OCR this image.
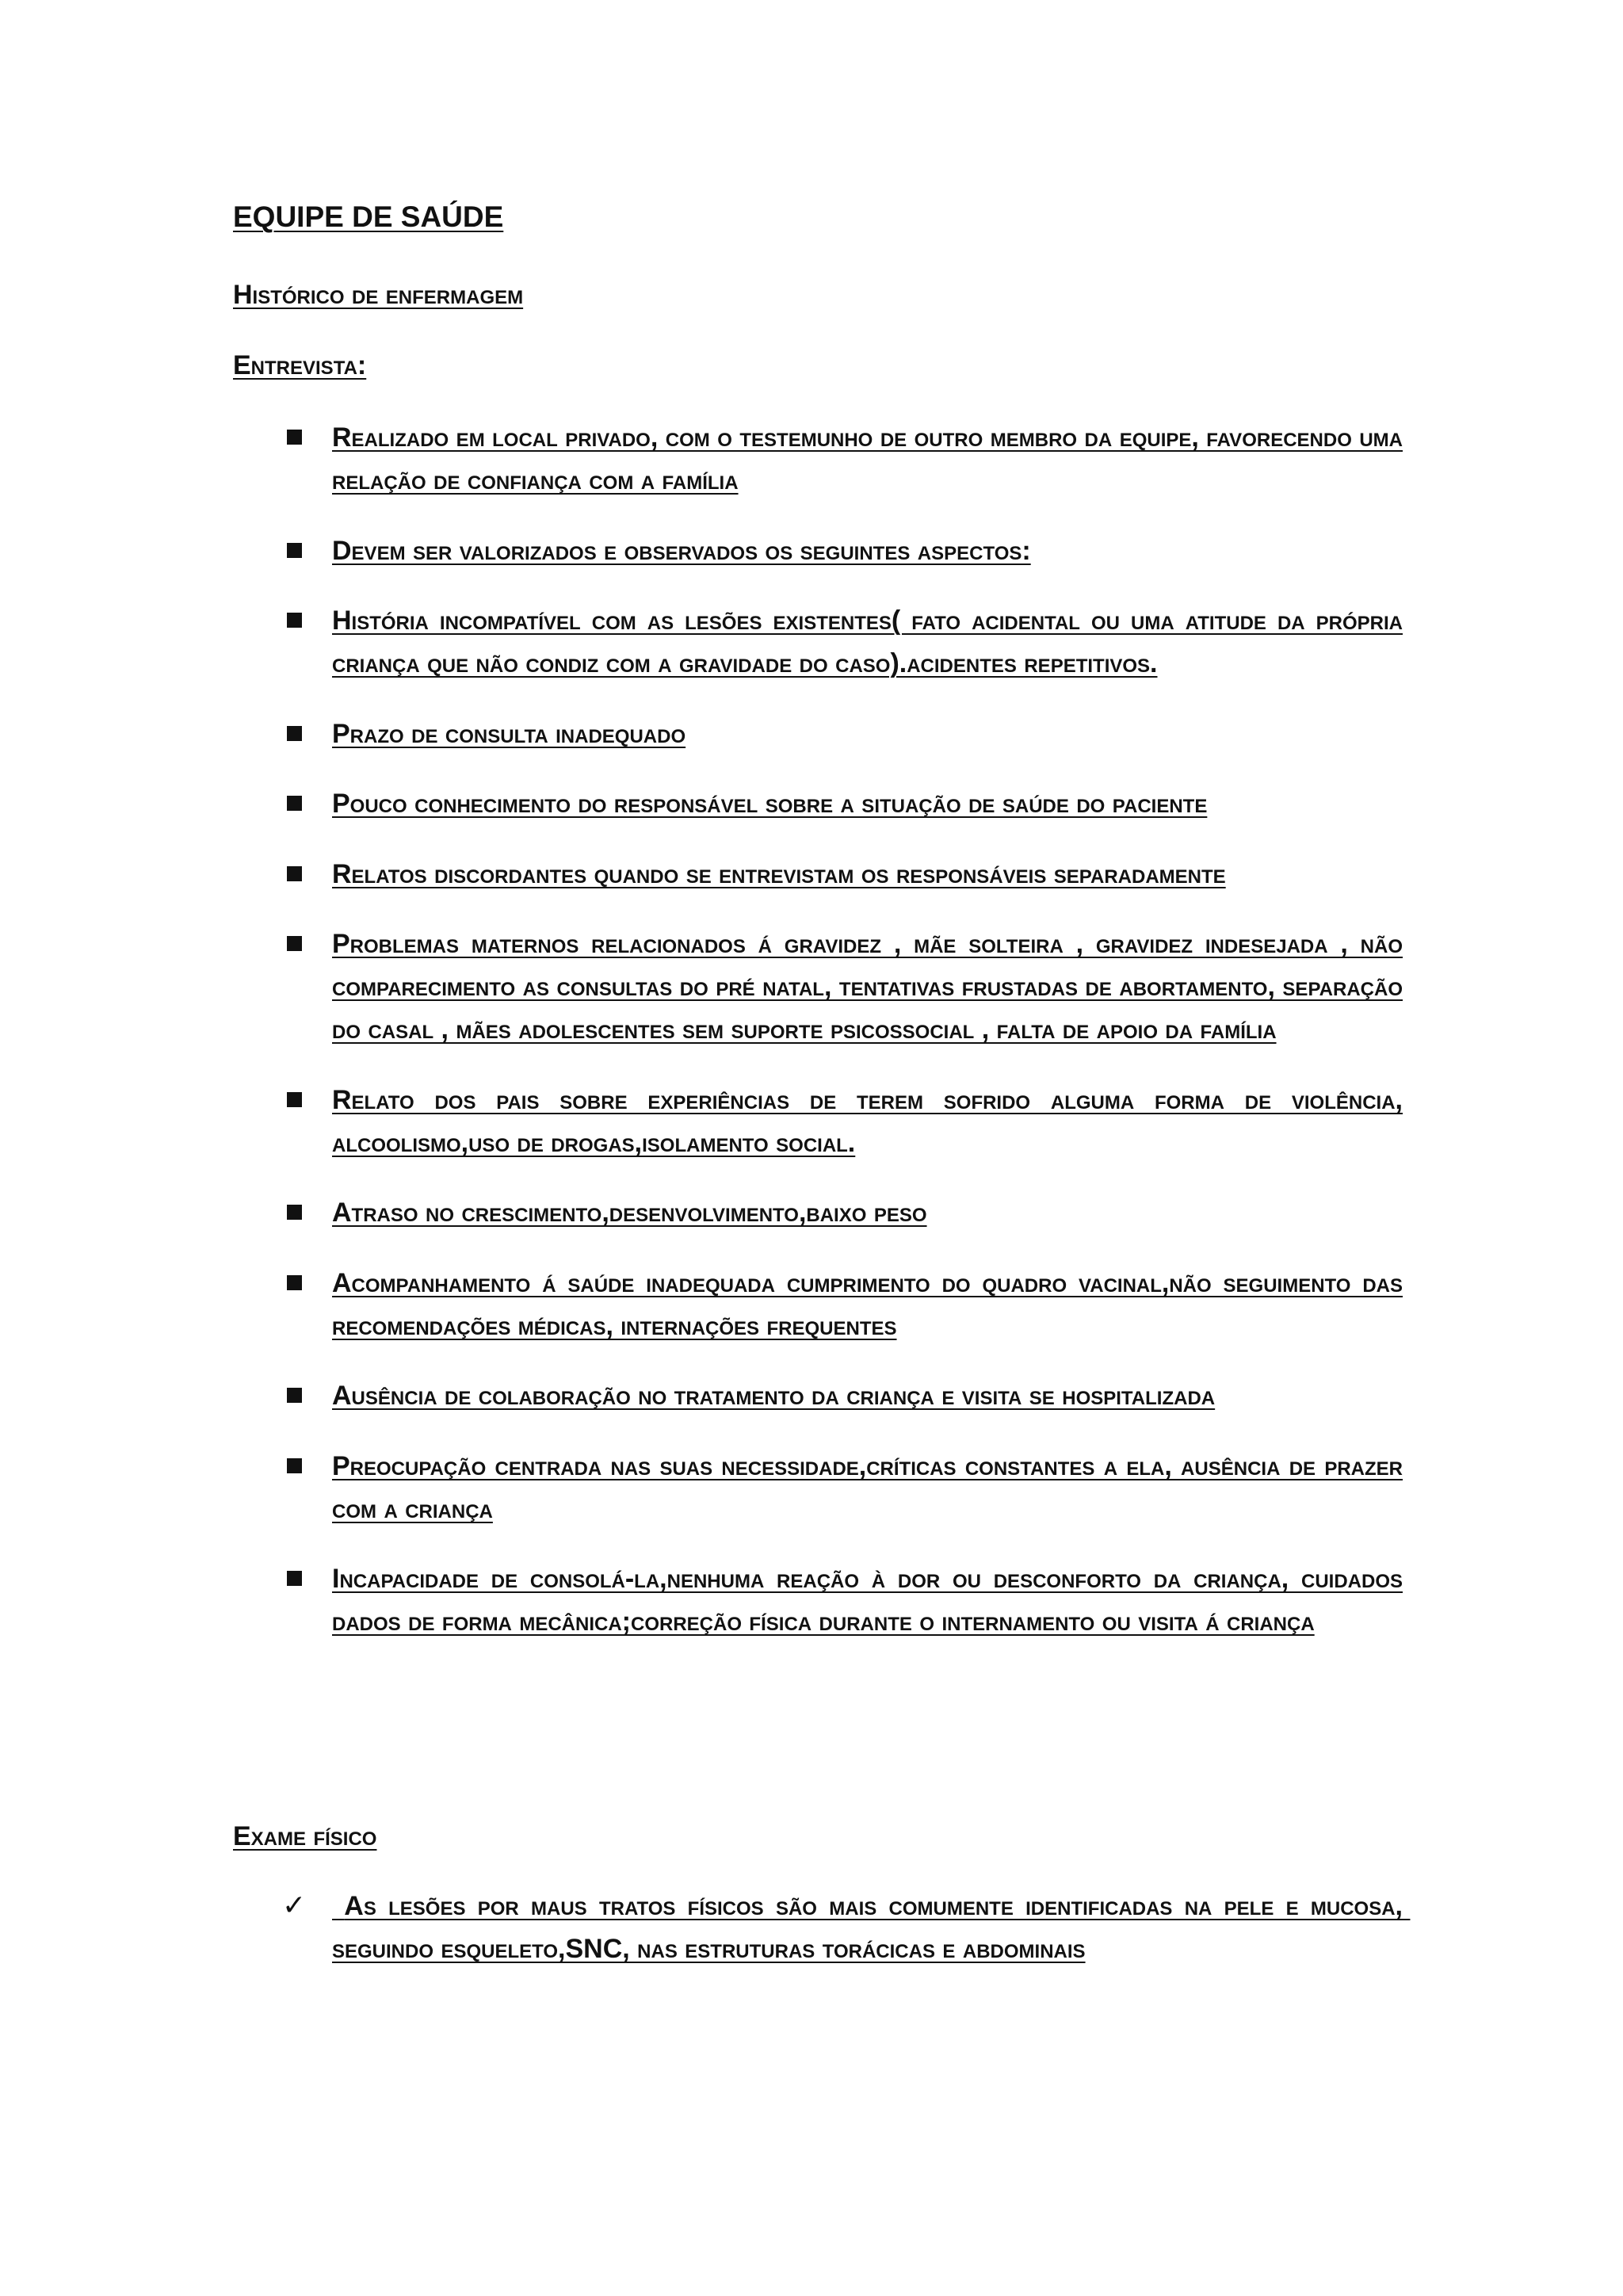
EQUIPE DE SAÚDE
Histórico de enfermagem
Entrevista:
Realizado em local privado, com o testemunho de outro membro da equipe, favorecendo uma relação de confiança com a família
Devem ser valorizados e observados os seguintes aspectos:
História incompatível com as lesões existentes( fato acidental ou uma atitude da própria criança que não condiz com a gravidade do caso).acidentes repetitivos.
Prazo de consulta inadequado
Pouco conhecimento do responsável sobre a situação de saúde do paciente
Relatos discordantes quando se entrevistam os responsáveis separadamente
Problemas maternos relacionados á gravidez , mãe solteira , gravidez indesejada , não comparecimento as consultas do pré natal, tentativas frustadas de abortamento, separação do casal , mães adolescentes sem suporte psicossocial , falta de apoio da família
Relato dos pais sobre experiências de terem sofrido alguma forma de violência, alcoolismo,uso de drogas,isolamento social.
Atraso no crescimento,desenvolvimento,baixo peso
Acompanhamento á saúde inadequada cumprimento do quadro vacinal,não seguimento das recomendações médicas, internações frequentes
Ausência de colaboração no tratamento da criança e visita se hospitalizada
Preocupação centrada nas suas necessidade,críticas constantes a ela, ausência de prazer com a criança
Incapacidade de consolá-la,nenhuma reação à dor ou desconforto da criança, cuidados dados de forma mecânica;correção física durante o internamento ou visita á criança
Exame físico
✓ As lesões por maus tratos físicos são mais comumente identificadas na pele e mucosa, seguindo esqueleto,SNC, nas estruturas torácicas e abdominais
